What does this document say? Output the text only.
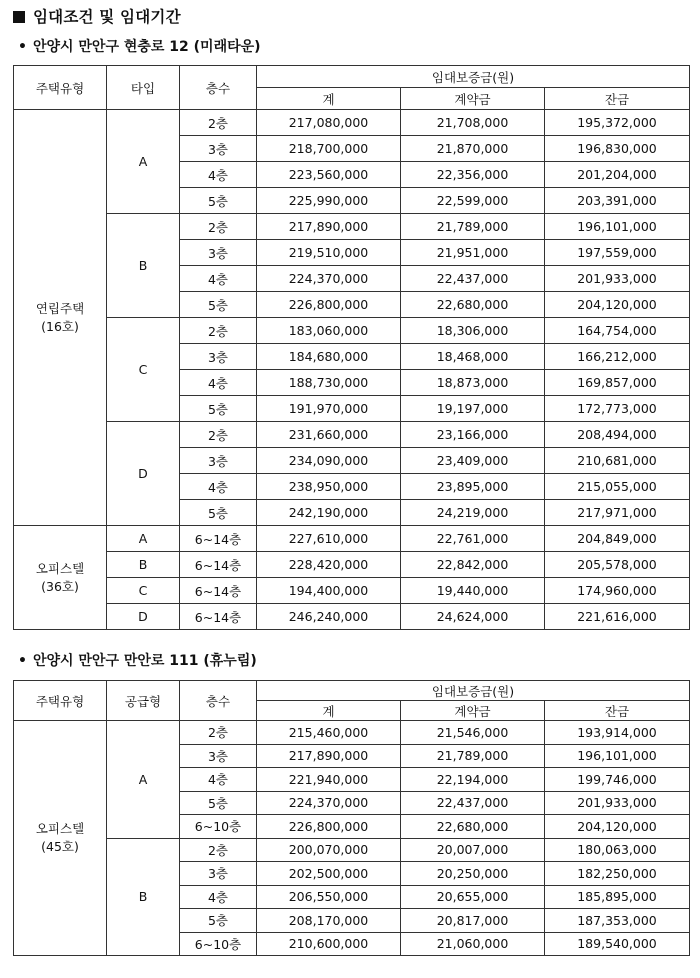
임대조건 및 임대기간
• 안양시 만안구 현충로 12 (미래타운)
주택유형	타입	층수	임대보증금(원)		
			계	계약금	잔금

연립주택
(16호)	A	2층	217,080,000	21,708,000	195,372,000
		3층	218,700,000	21,870,000	196,830,000
		4층	223,560,000	22,356,000	201,204,000
		5층	225,990,000	22,599,000	203,391,000
	B	2층	217,890,000	21,789,000	196,101,000
		3층	219,510,000	21,951,000	197,559,000
		4층	224,370,000	22,437,000	201,933,000
		5층	226,800,000	22,680,000	204,120,000
	C	2층	183,060,000	18,306,000	164,754,000
		3층	184,680,000	18,468,000	166,212,000
		4층	188,730,000	18,873,000	169,857,000
		5층	191,970,000	19,197,000	172,773,000
	D	2층	231,660,000	23,166,000	208,494,000
		3층	234,090,000	23,409,000	210,681,000
		4층	238,950,000	23,895,000	215,055,000
		5층	242,190,000	24,219,000	217,971,000

오피스텔
(36호)	A	6~14층	227,610,000	22,761,000	204,849,000
	B	6~14층	228,420,000	22,842,000	205,578,000
	C	6~14층	194,400,000	19,440,000	174,960,000
	D	6~14층	246,240,000	24,624,000	221,616,000
• 안양시 만안구 만안로 111 (휴누림)
주택유형	공급형	층수	임대보증금(원)		
			계	계약금	잔금

오피스텔
(45호)	A	2층	215,460,000	21,546,000	193,914,000
		3층	217,890,000	21,789,000	196,101,000
		4층	221,940,000	22,194,000	199,746,000
		5층	224,370,000	22,437,000	201,933,000
		6~10층	226,800,000	22,680,000	204,120,000
	B	2층	200,070,000	20,007,000	180,063,000
		3층	202,500,000	20,250,000	182,250,000
		4층	206,550,000	20,655,000	185,895,000
		5층	208,170,000	20,817,000	187,353,000
		6~10층	210,600,000	21,060,000	189,540,000
